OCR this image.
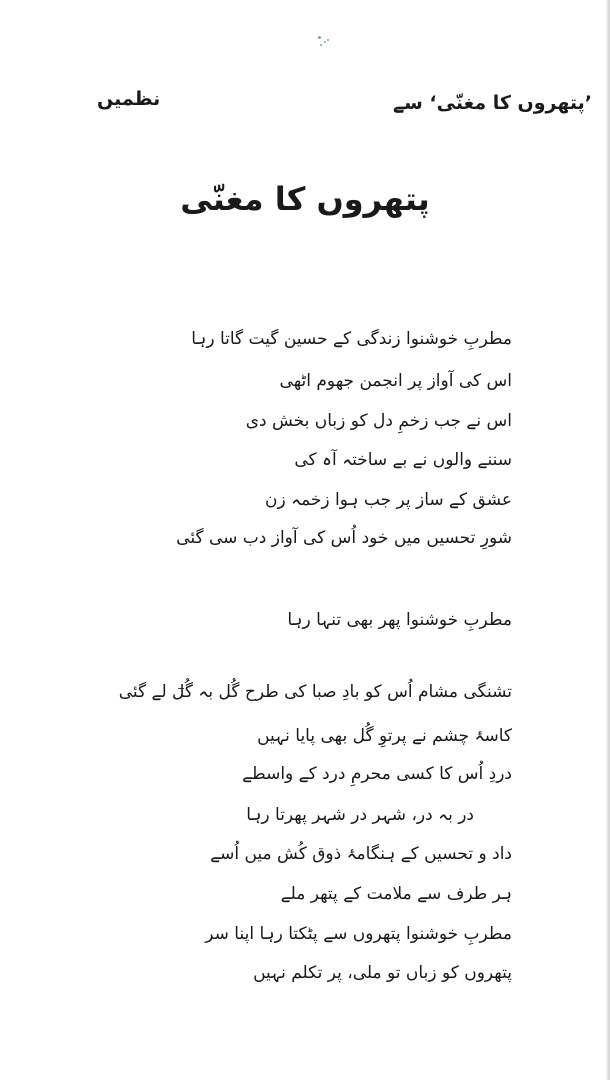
’پتھروں کا مغنّی‘ سے
نظمیں
پتھروں کا مغنّی
مطربِ خوشنوا زندگی کے حسین گیت گاتا رہا
اس کی آواز پر انجمن جھوم اٹھی
اس نے جب زخمِ دل کو زباں بخش دی
سننے والوں نے بے ساختہ آہ کی
عشق کے ساز پر جب ہوا زخمہ زن
شورِ تحسیں میں خود اُس کی آواز دب سی گئی
مطربِ خوشنوا پھر بھی تنہا رہا
تشنگی مشام اُس کو بادِ صبا کی طرح گُل بہ گُل لے گئی
کاسۂ چشم نے پرتوِ گُل بھی پایا نہیں
دردِ اُس کا کسی محرمِ درد کے واسطے
در بہ در، شہر در شہر پھرتا رہا
داد و تحسیں کے ہنگامۂ ذوق کُش میں اُسے
ہر طرف سے ملامت کے پتھر ملے
مطربِ خوشنوا پتھروں سے پٹکتا رہا اپنا سر
پتھروں کو زباں تو ملی، پر تکلم نہیں
